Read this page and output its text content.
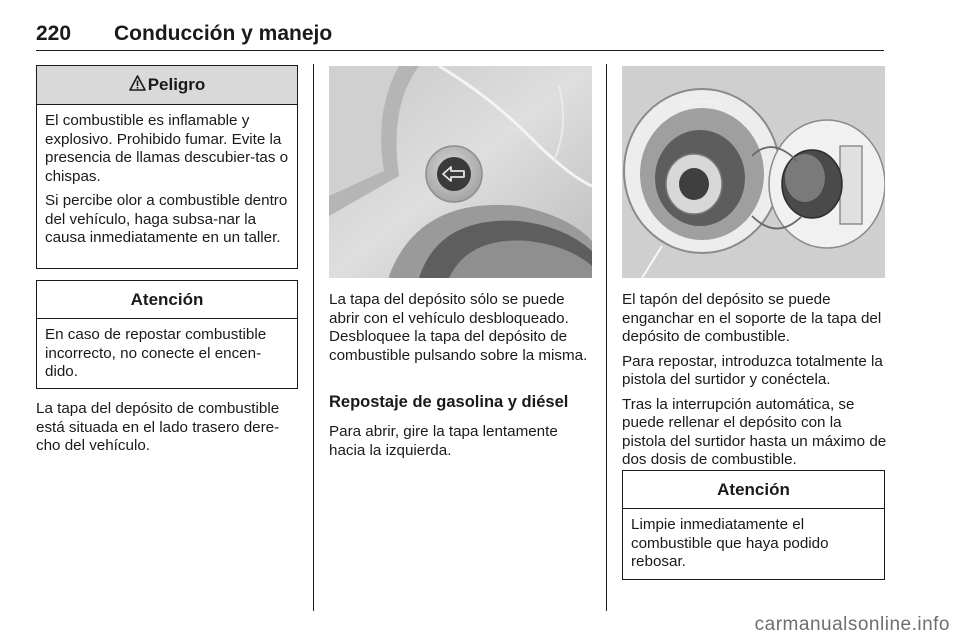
220 Conducción y manejo
Peligro

El combustible es inflamable y explosivo. Prohibido fumar. Evite la presencia de llamas descubier-tas o chispas.

Si percibe olor a combustible dentro del vehículo, haga subsa-nar la causa inmediatamente en un taller.

Atención

En caso de repostar combustible incorrecto, no conecte el encen-dido.

La tapa del depósito de combustible está situada en el lado trasero dere-cho del vehículo.

La tapa del depósito sólo se puede abrir con el vehículo desbloqueado. Desbloquee la tapa del depósito de combustible pulsando sobre la misma.

Repostaje de gasolina y diésel

Para abrir, gire la tapa lentamente hacia la izquierda.

El tapón del depósito se puede enganchar en el soporte de la tapa del depósito de combustible.

Para repostar, introduzca totalmente la pistola del surtidor y conéctela.

Tras la interrupción automática, se puede rellenar el depósito con la pistola del surtidor hasta un máximo de dos dosis de combustible.

Atención

Limpie inmediatamente el combustible que haya podido rebosar.

carmanualsonline.info
